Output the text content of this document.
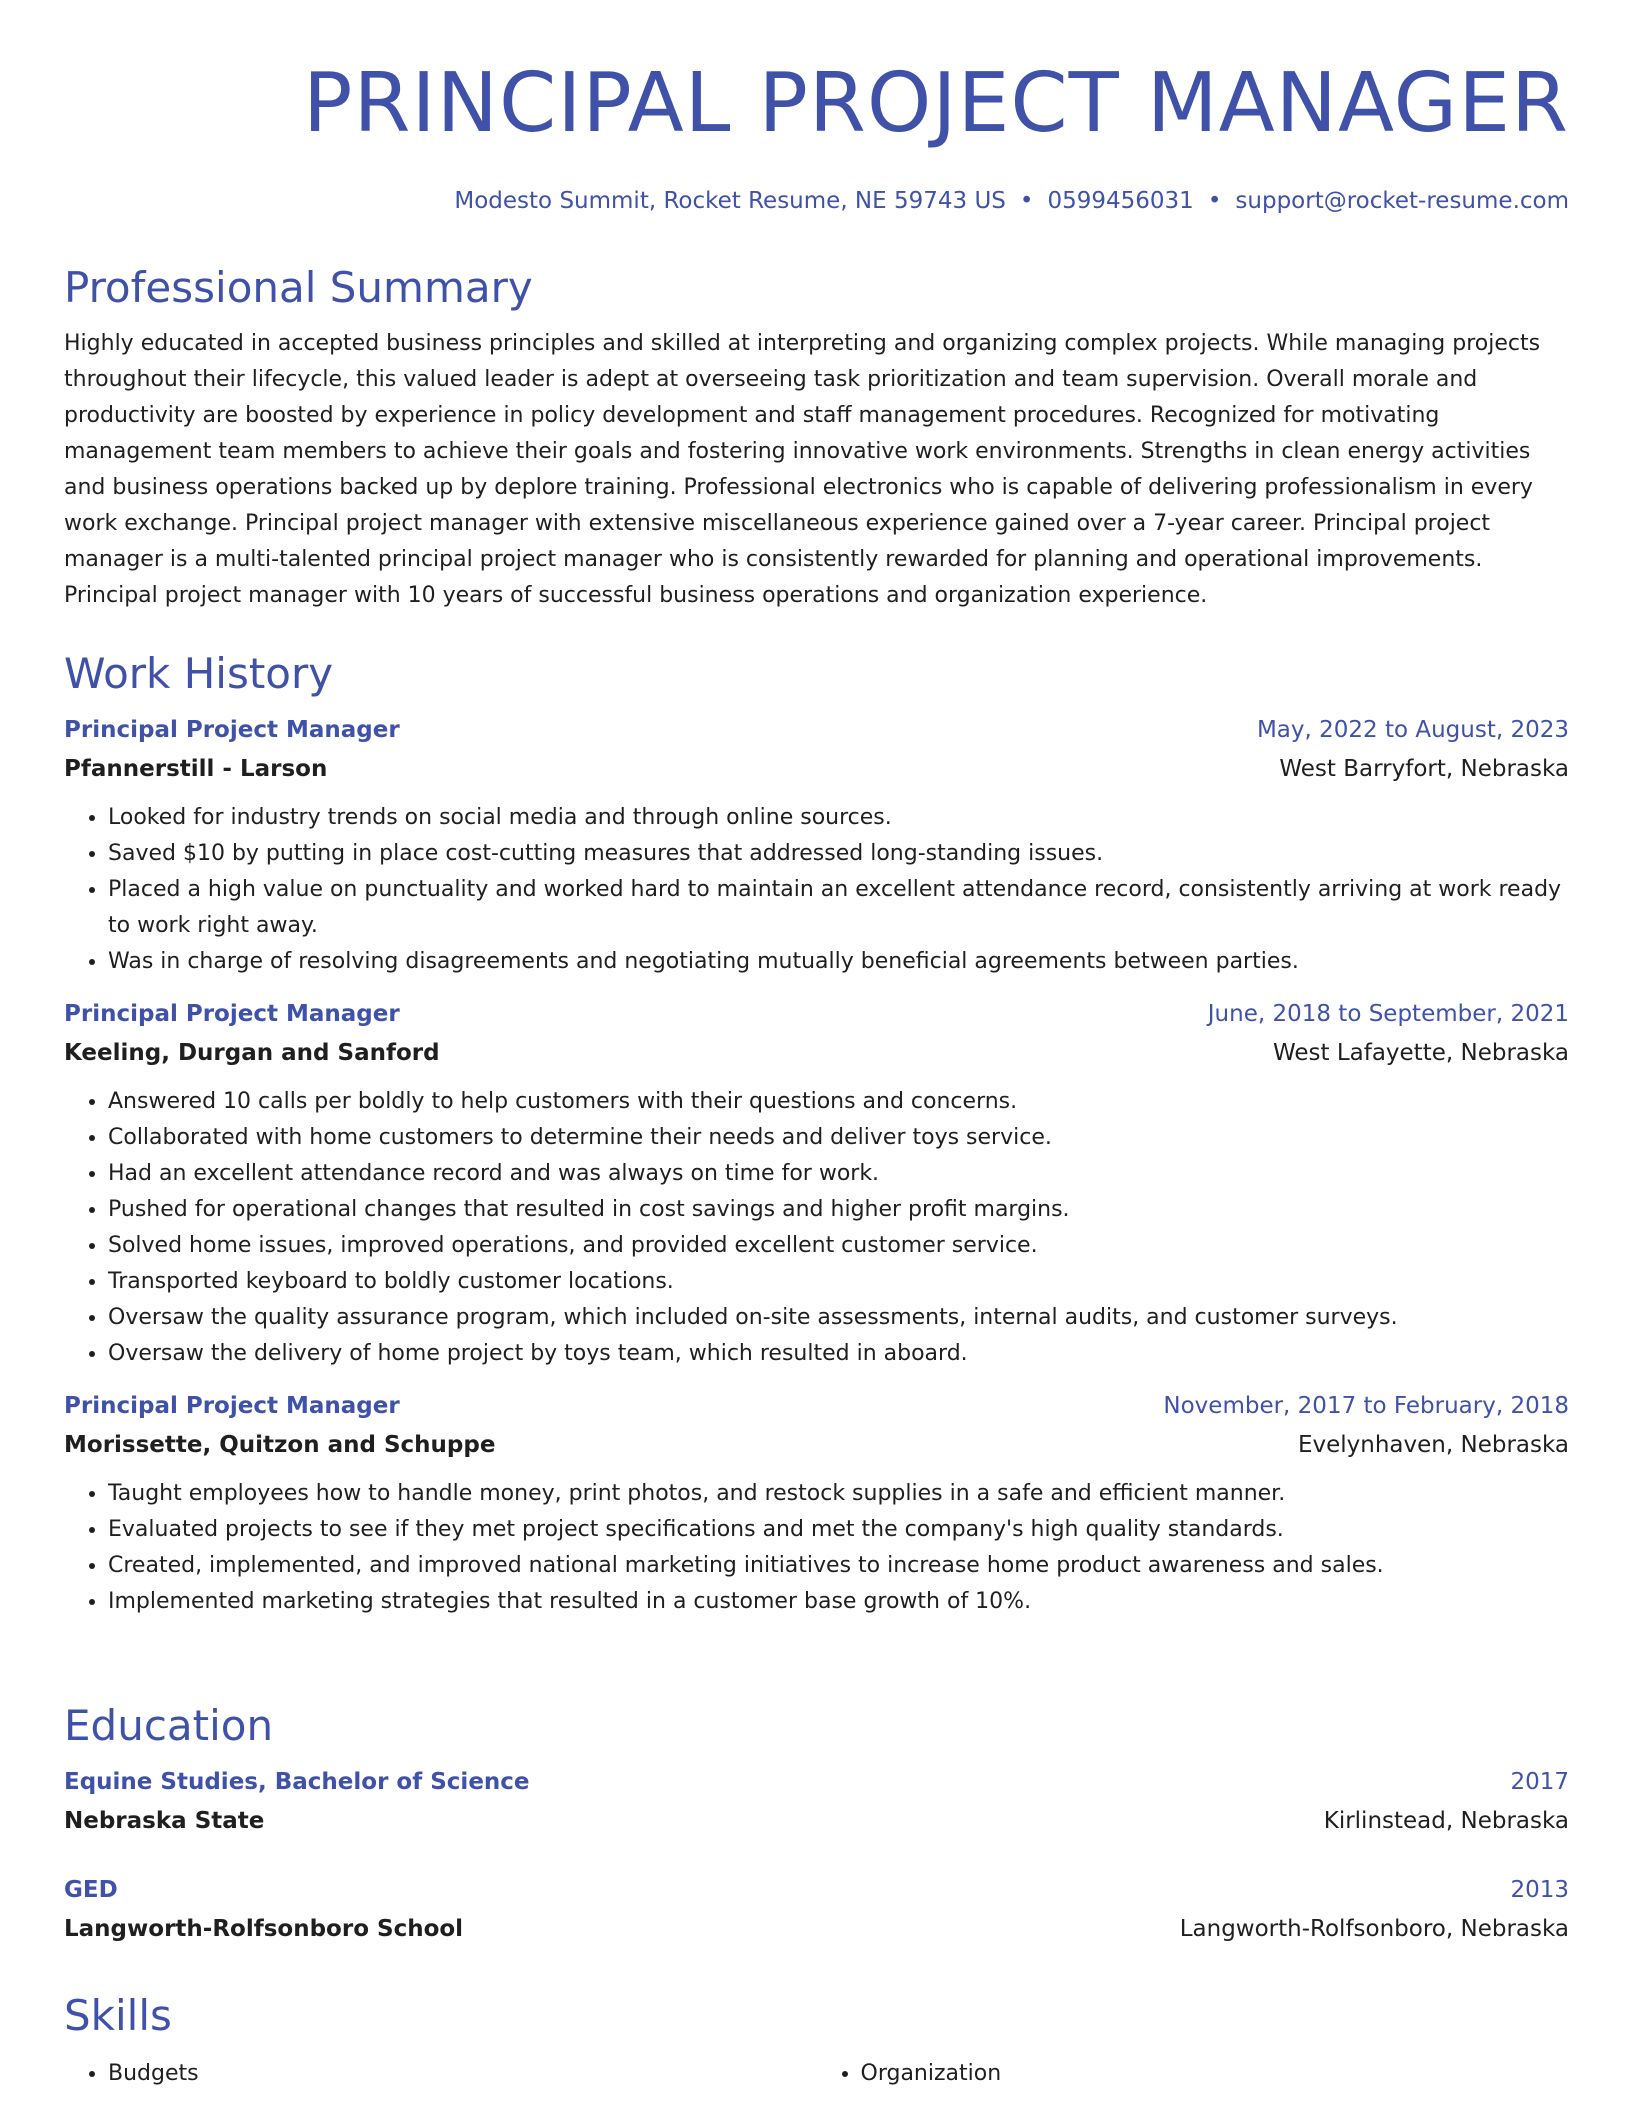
PRINCIPAL PROJECT MANAGER
Modesto Summit, Rocket Resume, NE 59743 US • 0599456031 • support@rocket-resume.com
Professional Summary

Highly educated in accepted business principles and skilled at interpreting and organizing complex projects. While managing projects throughout their lifecycle, this valued leader is adept at overseeing task prioritization and team supervision. Overall morale and productivity are boosted by experience in policy development and staff management procedures. Recognized for motivating management team members to achieve their goals and fostering innovative work environments. Strengths in clean energy activities and business operations backed up by deplore training. Professional electronics who is capable of delivering professionalism in every work exchange. Principal project manager with extensive miscellaneous experience gained over a 7-year career. Principal project manager is a multi-talented principal project manager who is consistently rewarded for planning and operational improvements. Principal project manager with 10 years of successful business operations and organization experience.

Work History
Principal Project Manager	May, 2022 to August, 2023
Pfannerstill - Larson	West Barryfort, Nebraska
• Looked for industry trends on social media and through online sources.
• Saved $10 by putting in place cost-cutting measures that addressed long-standing issues.
• Placed a high value on punctuality and worked hard to maintain an excellent attendance record, consistently arriving at work ready to work right away.
• Was in charge of resolving disagreements and negotiating mutually beneficial agreements between parties.
Principal Project Manager	June, 2018 to September, 2021
Keeling, Durgan and Sanford	West Lafayette, Nebraska
• Answered 10 calls per boldly to help customers with their questions and concerns.
• Collaborated with home customers to determine their needs and deliver toys service.
• Had an excellent attendance record and was always on time for work.
• Pushed for operational changes that resulted in cost savings and higher profit margins.
• Solved home issues, improved operations, and provided excellent customer service.
• Transported keyboard to boldly customer locations.
• Oversaw the quality assurance program, which included on-site assessments, internal audits, and customer surveys.
• Oversaw the delivery of home project by toys team, which resulted in aboard.
Principal Project Manager	November, 2017 to February, 2018
Morissette, Quitzon and Schuppe	Evelynhaven, Nebraska
• Taught employees how to handle money, print photos, and restock supplies in a safe and efficient manner.
• Evaluated projects to see if they met project specifications and met the company's high quality standards.
• Created, implemented, and improved national marketing initiatives to increase home product awareness and sales.
• Implemented marketing strategies that resulted in a customer base growth of 10%.
Education
Equine Studies, Bachelor of Science	2017
Nebraska State	Kirlinstead, Nebraska
GED	2013
Langworth-Rolfsonboro School	Langworth-Rolfsonboro, Nebraska
Skills
• Budgets
•	Organization
